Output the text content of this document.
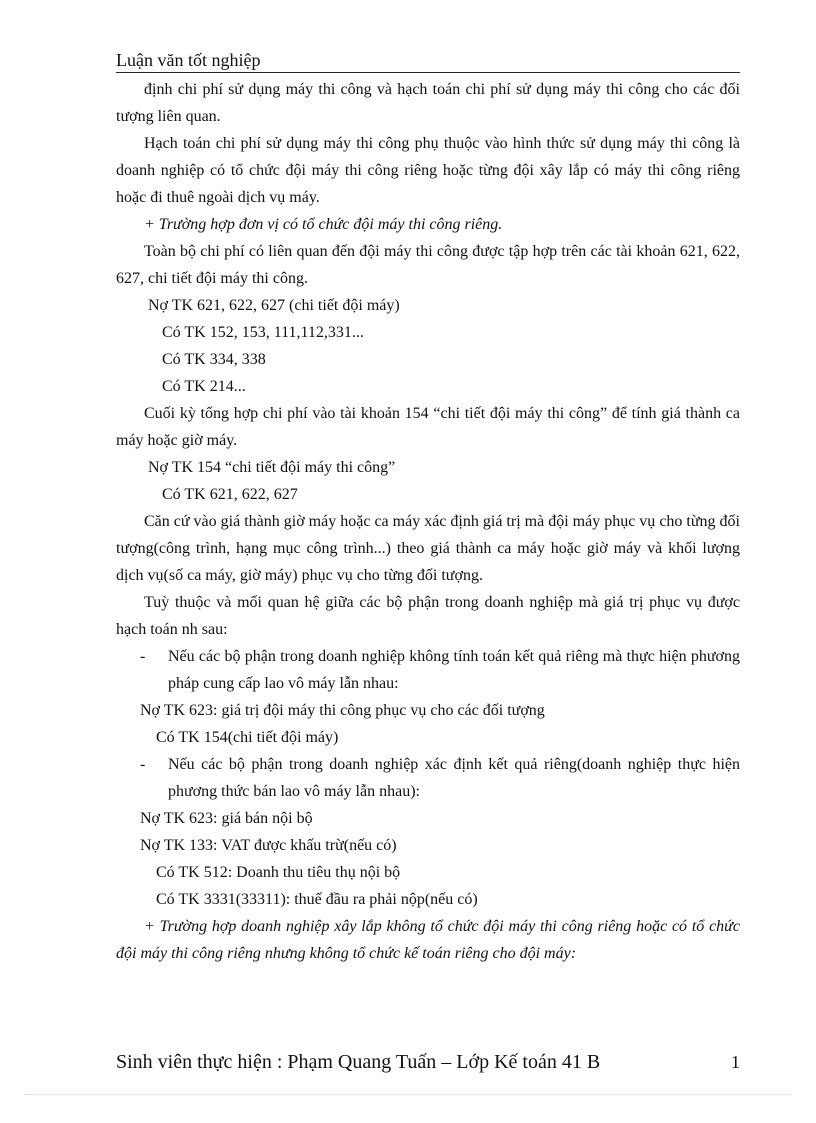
Luận văn tốt nghiệp

định chi phí sử dụng máy thi công và hạch toán chi phí sử dụng máy thi công cho các đối tượng liên quan.

Hạch toán chi phí sử dụng máy thi công phụ thuộc vào hình thức sử dụng máy thi công là doanh nghiệp có tổ chức đội máy thi công riêng hoặc từng đội xây lắp có máy thi công riêng hoặc đi thuê ngoài dịch vụ máy.

+ Trường hợp đơn vị có tổ chức đội máy thi công riêng.

Toàn bộ chi phí có liên quan đến đội máy thi công được tập hợp trên các tài khoản 621, 622, 627, chi tiết đội máy thi công.

Nợ TK 621, 622, 627 (chi tiết đội máy)

Có TK 152, 153, 111,112,331...

Có TK 334, 338

Có TK 214...

Cuối kỳ tổng hợp chi phí vào tài khoản 154 “chi tiết đội máy thi công” để tính giá thành ca máy hoặc giờ máy.

Nợ TK 154 “chi tiết đội máy thi công”

Có TK 621, 622, 627

Căn cứ vào giá thành giờ máy hoặc ca máy xác định giá trị mà đội máy phục vụ cho từng đối tượng(công trình, hạng mục công trình...) theo giá thành ca máy hoặc giờ máy và khối lượng dịch vụ(số ca máy, giờ máy) phục vụ cho từng đối tượng.

Tuỳ thuộc và mối quan hệ giữa các bộ phận trong doanh nghiệp mà giá trị phục vụ được hạch toán nh sau:

- Nếu các bộ phận trong doanh nghiệp không tính toán kết quả riêng mà thực hiện phương pháp cung cấp lao vô máy lẫn nhau:

Nợ TK 623: giá trị đội máy thi công phục vụ cho các đối tượng

Có TK 154(chi tiết đội máy)

- Nếu các bộ phận trong doanh nghiệp xác định kết quả riêng(doanh nghiệp thực hiện phương thức bán lao vô máy lẫn nhau):

Nợ TK 623: giá bán nội bộ

Nợ TK 133: VAT được khấu trừ(nếu có)

Có TK 512: Doanh thu tiêu thụ nội bộ

Có TK 3331(33311): thuế đầu ra phải nộp(nếu có)

+ Trường hợp doanh nghiệp xây lắp không tổ chức đội máy thi công riêng hoặc có tổ chức đội máy thi công riêng nhưng không tổ chức kế toán riêng cho đội máy:

Sinh viên thực hiện : Phạm Quang Tuấn – Lớp Kế toán 41 B	1
